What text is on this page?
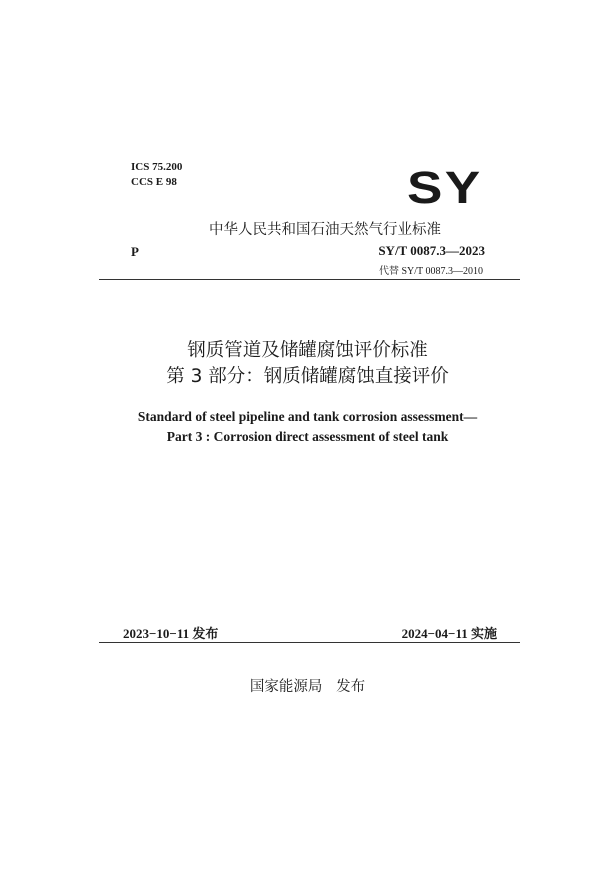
ICS 75.200
CCS E 98	SY
中华人民共和国石油天然气行业标准
P	SY/T 0087.3—2023
代替 SY/T 0087.3—2010
钢质管道及储罐腐蚀评价标准
第 3 部分：钢质储罐腐蚀直接评价
Standard of steel pipeline and tank corrosion assessment—
Part 3 : Corrosion direct assessment of steel tank
2023−10−11 发布	2024−04−11 实施
国家能源局   发布
